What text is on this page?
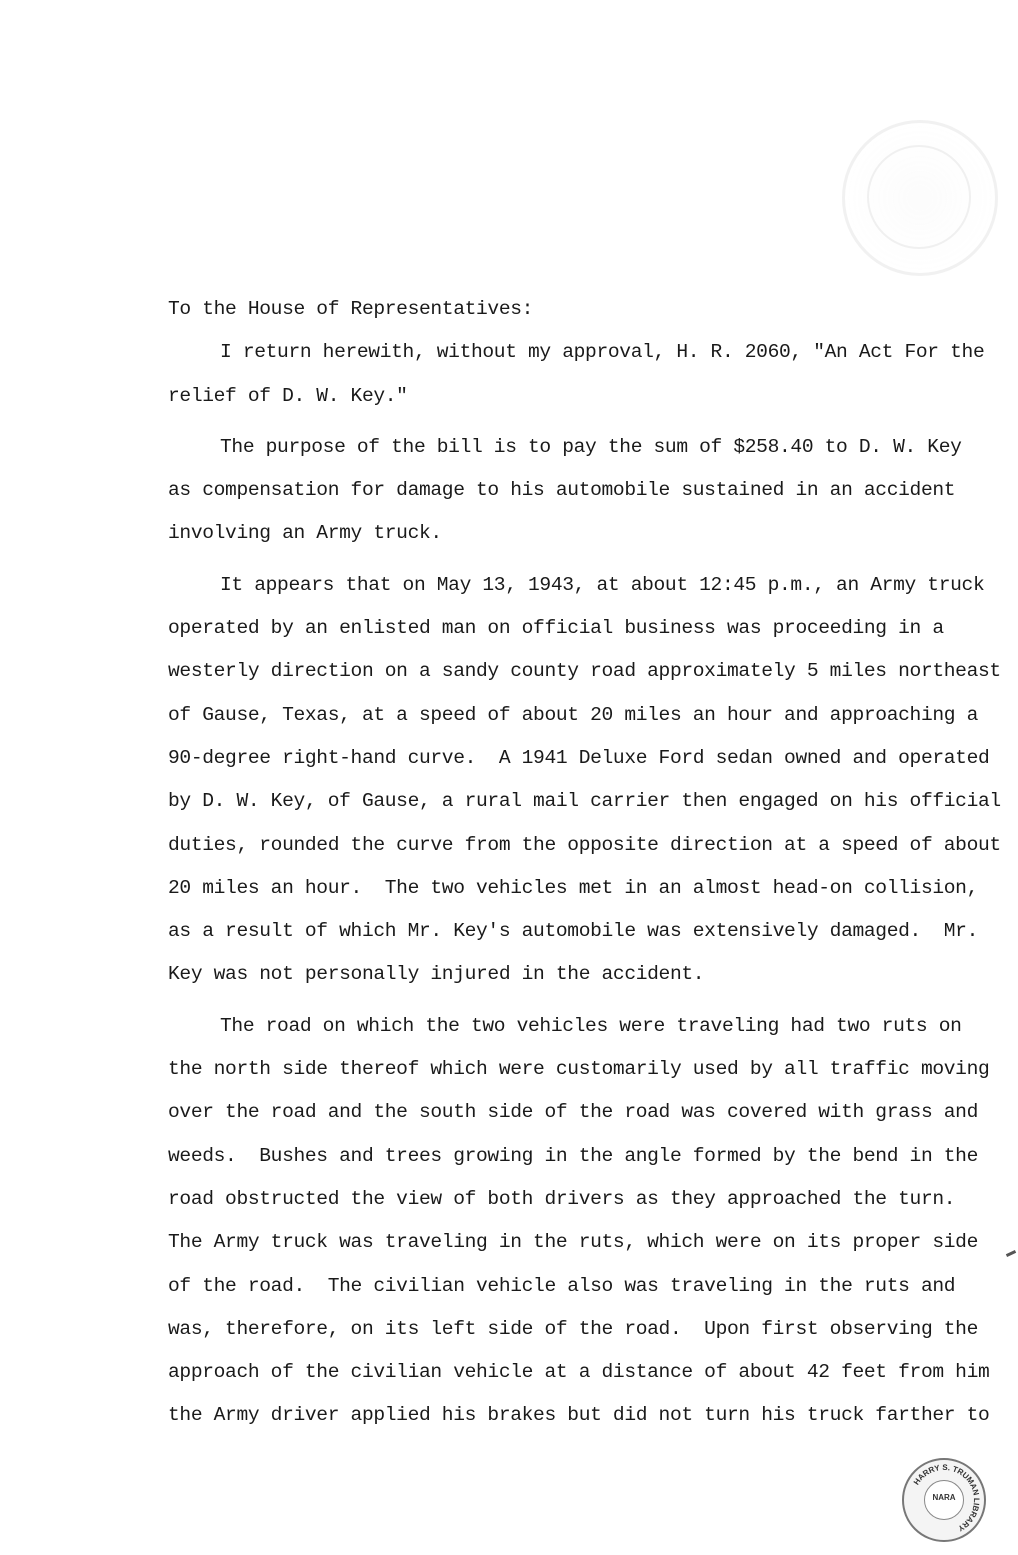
To the House of Representatives:
I return herewith, without my approval, H. R. 2060, "An Act For the
relief of D. W. Key."
The purpose of the bill is to pay the sum of $258.40 to D. W. Key
as compensation for damage to his automobile sustained in an accident
involving an Army truck.
It appears that on May 13, 1943, at about 12:45 p.m., an Army truck
operated by an enlisted man on official business was proceeding in a
westerly direction on a sandy county road approximately 5 miles northeast
of Gause, Texas, at a speed of about 20 miles an hour and approaching a
90-degree right-hand curve.  A 1941 Deluxe Ford sedan owned and operated
by D. W. Key, of Gause, a rural mail carrier then engaged on his official
duties, rounded the curve from the opposite direction at a speed of about
20 miles an hour.  The two vehicles met in an almost head-on collision,
as a result of which Mr. Key's automobile was extensively damaged.  Mr.
Key was not personally injured in the accident.
The road on which the two vehicles were traveling had two ruts on
the north side thereof which were customarily used by all traffic moving
over the road and the south side of the road was covered with grass and
weeds.  Bushes and trees growing in the angle formed by the bend in the
road obstructed the view of both drivers as they approached the turn.
The Army truck was traveling in the ruts, which were on its proper side
of the road.  The civilian vehicle also was traveling in the ruts and
was, therefore, on its left side of the road.  Upon first observing the
approach of the civilian vehicle at a distance of about 42 feet from him
the Army driver applied his brakes but did not turn his truck farther to
HARRY S. TRUMAN LIBRARY
NARA
